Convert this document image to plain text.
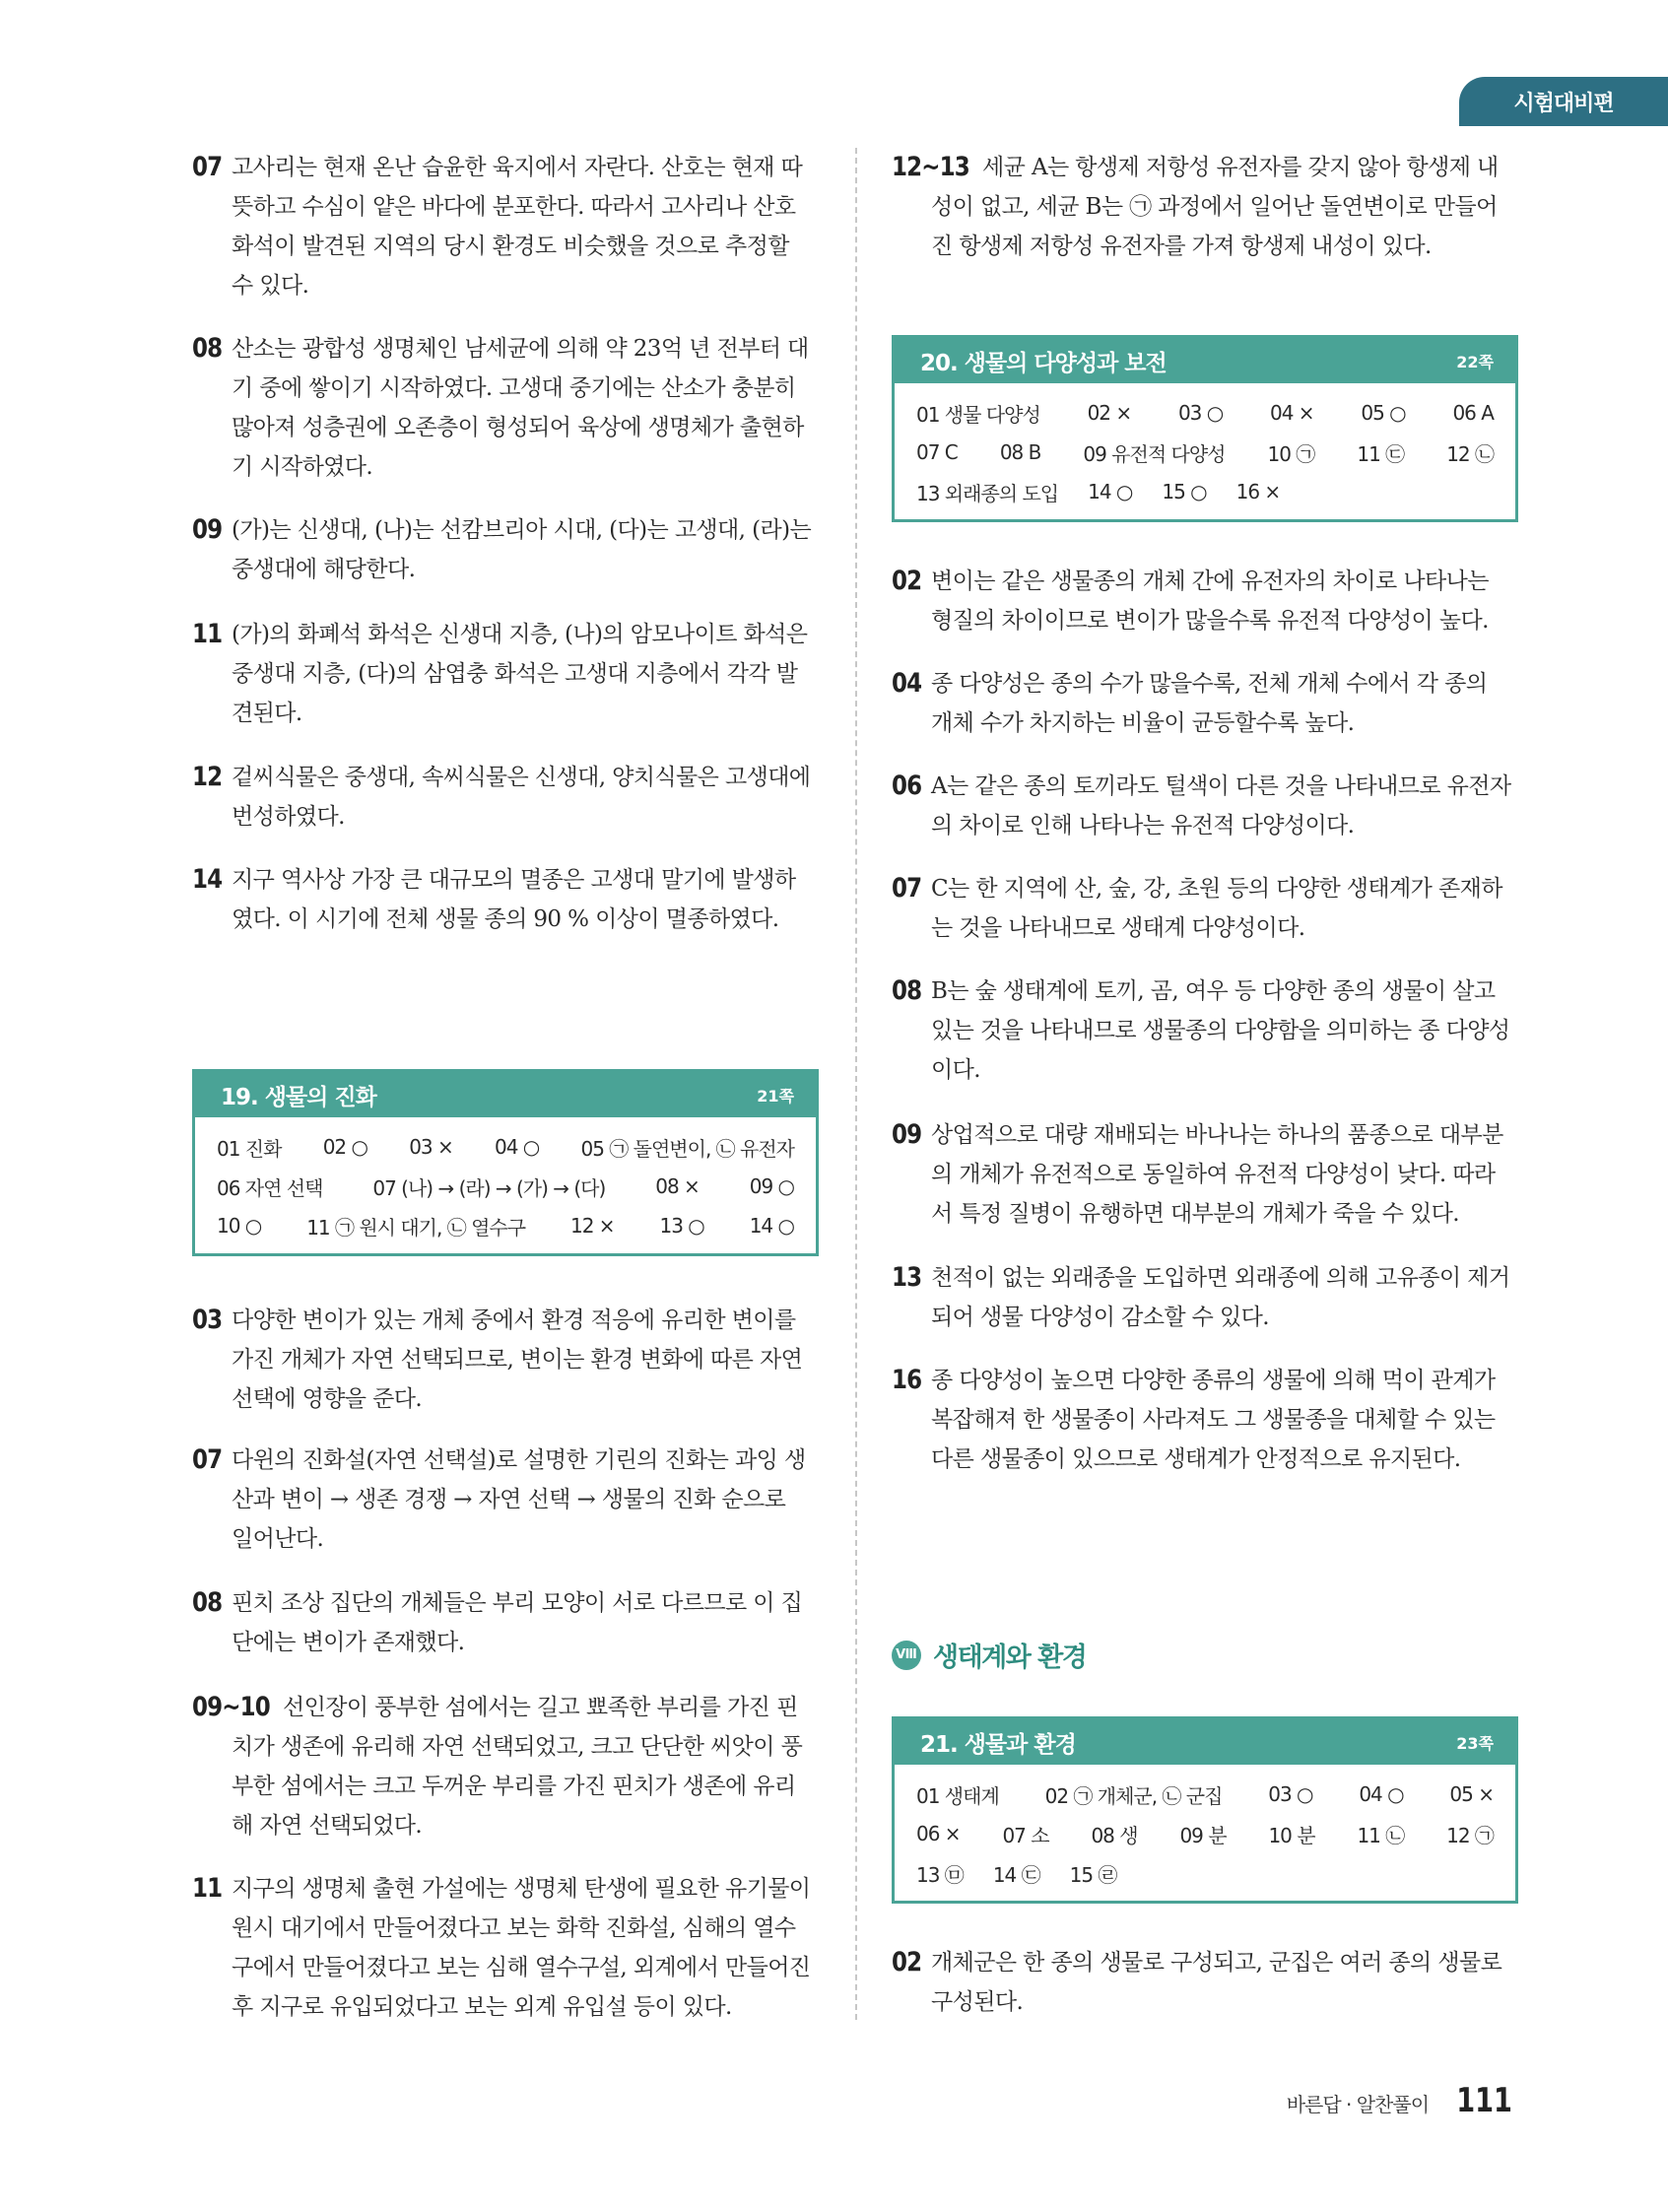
시험대비편
07 고사리는 현재 온난 습윤한 육지에서 자란다. 산호는 현재 따뜻하고 수심이 얕은 바다에 분포한다. 따라서 고사리나 산호 화석이 발견된 지역의 당시 환경도 비슷했을 것으로 추정할 수 있다.
08 산소는 광합성 생명체인 남세균에 의해 약 23억 년 전부터 대기 중에 쌓이기 시작하였다. 고생대 중기에는 산소가 충분히 많아져 성층권에 오존층이 형성되어 육상에 생명체가 출현하기 시작하였다.
09 (가)는 신생대, (나)는 선캄브리아 시대, (다)는 고생대, (라)는 중생대에 해당한다.
11 (가)의 화폐석 화석은 신생대 지층, (나)의 암모나이트 화석은 중생대 지층, (다)의 삼엽충 화석은 고생대 지층에서 각각 발견된다.
12 겉씨식물은 중생대, 속씨식물은 신생대, 양치식물은 고생대에 번성하였다.
14 지구 역사상 가장 큰 대규모의 멸종은 고생대 말기에 발생하였다. 이 시기에 전체 생물 종의 90 % 이상이 멸종하였다.
19. 생물의 진화	21쪽
01 진화 02 ○ 03 × 04 ○ 05 ㉠ 돌연변이, ㉡ 유전자
06 자연 선택	07 (나) → (라) → (가) → (다)	08 ×	09 ○
10 ○ 11 ㉠ 원시 대기, ㉡ 열수구 12 × 13 ○ 14 ○
03 다양한 변이가 있는 개체 중에서 환경 적응에 유리한 변이를 가진 개체가 자연 선택되므로, 변이는 환경 변화에 따른 자연 선택에 영향을 준다.
07 다윈의 진화설(자연 선택설)로 설명한 기린의 진화는 과잉 생산과 변이 → 생존 경쟁 → 자연 선택 → 생물의 진화 순으로 일어난다.
08 핀치 조상 집단의 개체들은 부리 모양이 서로 다르므로 이 집단에는 변이가 존재했다.
09~10 선인장이 풍부한 섬에서는 길고 뾰족한 부리를 가진 핀치가 생존에 유리해 자연 선택되었고, 크고 단단한 씨앗이 풍부한 섬에서는 크고 두꺼운 부리를 가진 핀치가 생존에 유리해 자연 선택되었다.
11 지구의 생명체 출현 가설에는 생명체 탄생에 필요한 유기물이 원시 대기에서 만들어졌다고 보는 화학 진화설, 심해의 열수구에서 만들어졌다고 보는 심해 열수구설, 외계에서 만들어진 후 지구로 유입되었다고 보는 외계 유입설 등이 있다.
12~13 세균 A는 항생제 저항성 유전자를 갖지 않아 항생제 내성이 없고, 세균 B는 ㉠ 과정에서 일어난 돌연변이로 만들어진 항생제 저항성 유전자를 가져 항생제 내성이 있다.
20. 생물의 다양성과 보전	22쪽
01 생물 다양성 02 × 03 ○ 04 × 05 ○ 06 A
07 C 08 B 09 유전적 다양성 10 ㉠ 11 ㉢ 12 ㉡
13 외래종의 도입 14 ○ 15 ○ 16 ×
02 변이는 같은 생물종의 개체 간에 유전자의 차이로 나타나는 형질의 차이이므로 변이가 많을수록 유전적 다양성이 높다.
04 종 다양성은 종의 수가 많을수록, 전체 개체 수에서 각 종의 개체 수가 차지하는 비율이 균등할수록 높다.
06 A는 같은 종의 토끼라도 털색이 다른 것을 나타내므로 유전자의 차이로 인해 나타나는 유전적 다양성이다.
07 C는 한 지역에 산, 숲, 강, 초원 등의 다양한 생태계가 존재하는 것을 나타내므로 생태계 다양성이다.
08 B는 숲 생태계에 토끼, 곰, 여우 등 다양한 종의 생물이 살고 있는 것을 나타내므로 생물종의 다양함을 의미하는 종 다양성이다.
09 상업적으로 대량 재배되는 바나나는 하나의 품종으로 대부분의 개체가 유전적으로 동일하여 유전적 다양성이 낮다. 따라서 특정 질병이 유행하면 대부분의 개체가 죽을 수 있다.
13 천적이 없는 외래종을 도입하면 외래종에 의해 고유종이 제거되어 생물 다양성이 감소할 수 있다.
16 종 다양성이 높으면 다양한 종류의 생물에 의해 먹이 관계가 복잡해져 한 생물종이 사라져도 그 생물종을 대체할 수 있는 다른 생물종이 있으므로 생태계가 안정적으로 유지된다.
Ⅷ 생태계와 환경
21. 생물과 환경	23쪽
01 생태계 02 ㉠ 개체군, ㉡ 군집 03 ○ 04 ○ 05 ×
06 × 07 소 08 생 09 분 10 분 11 ㉡ 12 ㉠
13 ㉤ 14 ㉢ 15 ㉣
02 개체군은 한 종의 생물로 구성되고, 군집은 여러 종의 생물로 구성된다.
바른답 · 알찬풀이 111
